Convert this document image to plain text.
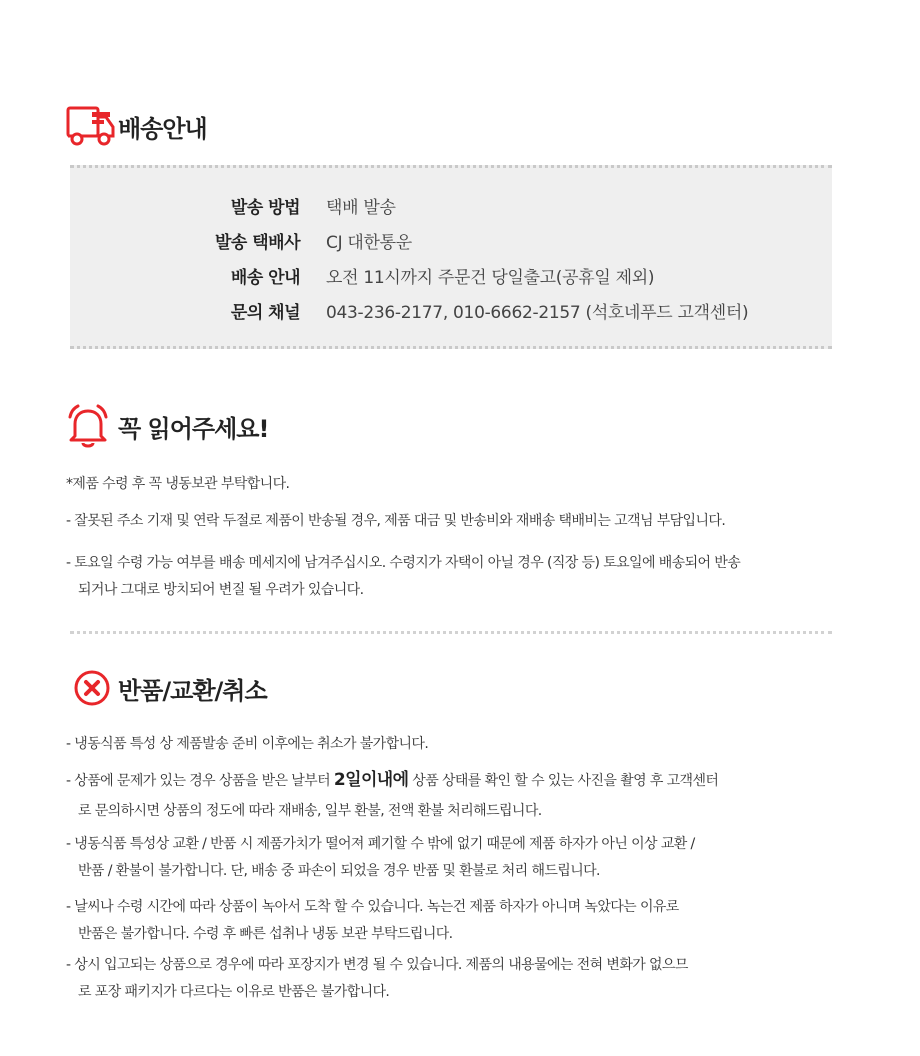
배송안내
발송 방법 택배 발송
발송 택배사 CJ 대한통운
배송 안내 오전 11시까지 주문건 당일출고(공휴일 제외)
문의 채널 043-236-2177, 010-6662-2157 (석호네푸드 고객센터)
꼭 읽어주세요!
*제품 수령 후 꼭 냉동보관 부탁합니다.
- 잘못된 주소 기재 및 연락 두절로 제품이 반송될 경우, 제품 대금 및 반송비와 재배송 택배비는 고객님 부담입니다.
- 토요일 수령 가능 여부를 배송 메세지에 남겨주십시오. 수령지가 자택이 아닐 경우 (직장 등) 토요일에 배송되어 반송
되거나 그대로 방치되어 변질 될 우려가 있습니다.
반품/교환/취소
- 냉동식품 특성 상 제품발송 준비 이후에는 취소가 불가합니다.
- 상품에 문제가 있는 경우 상품을 받은 날부터 2일이내에 상품 상태를 확인 할 수 있는 사진을 촬영 후 고객센터
로 문의하시면 상품의 정도에 따라 재배송, 일부 환불, 전액 환불 처리해드립니다.
- 냉동식품 특성상 교환 / 반품 시 제품가치가 떨어져 폐기할 수 밖에 없기 때문에 제품 하자가 아닌 이상 교환 /
반품 / 환불이 불가합니다. 단, 배송 중 파손이 되었을 경우 반품 및 환불로 처리 해드립니다.
- 날씨나 수령 시간에 따라 상품이 녹아서 도착 할 수 있습니다. 녹는건 제품 하자가 아니며 녹았다는 이유로
반품은 불가합니다. 수령 후 빠른 섭취나 냉동 보관 부탁드립니다.
- 상시 입고되는 상품으로 경우에 따라 포장지가 변경 될 수 있습니다. 제품의 내용물에는 전혀 변화가 없으므
로 포장 패키지가 다르다는 이유로 반품은 불가합니다.
